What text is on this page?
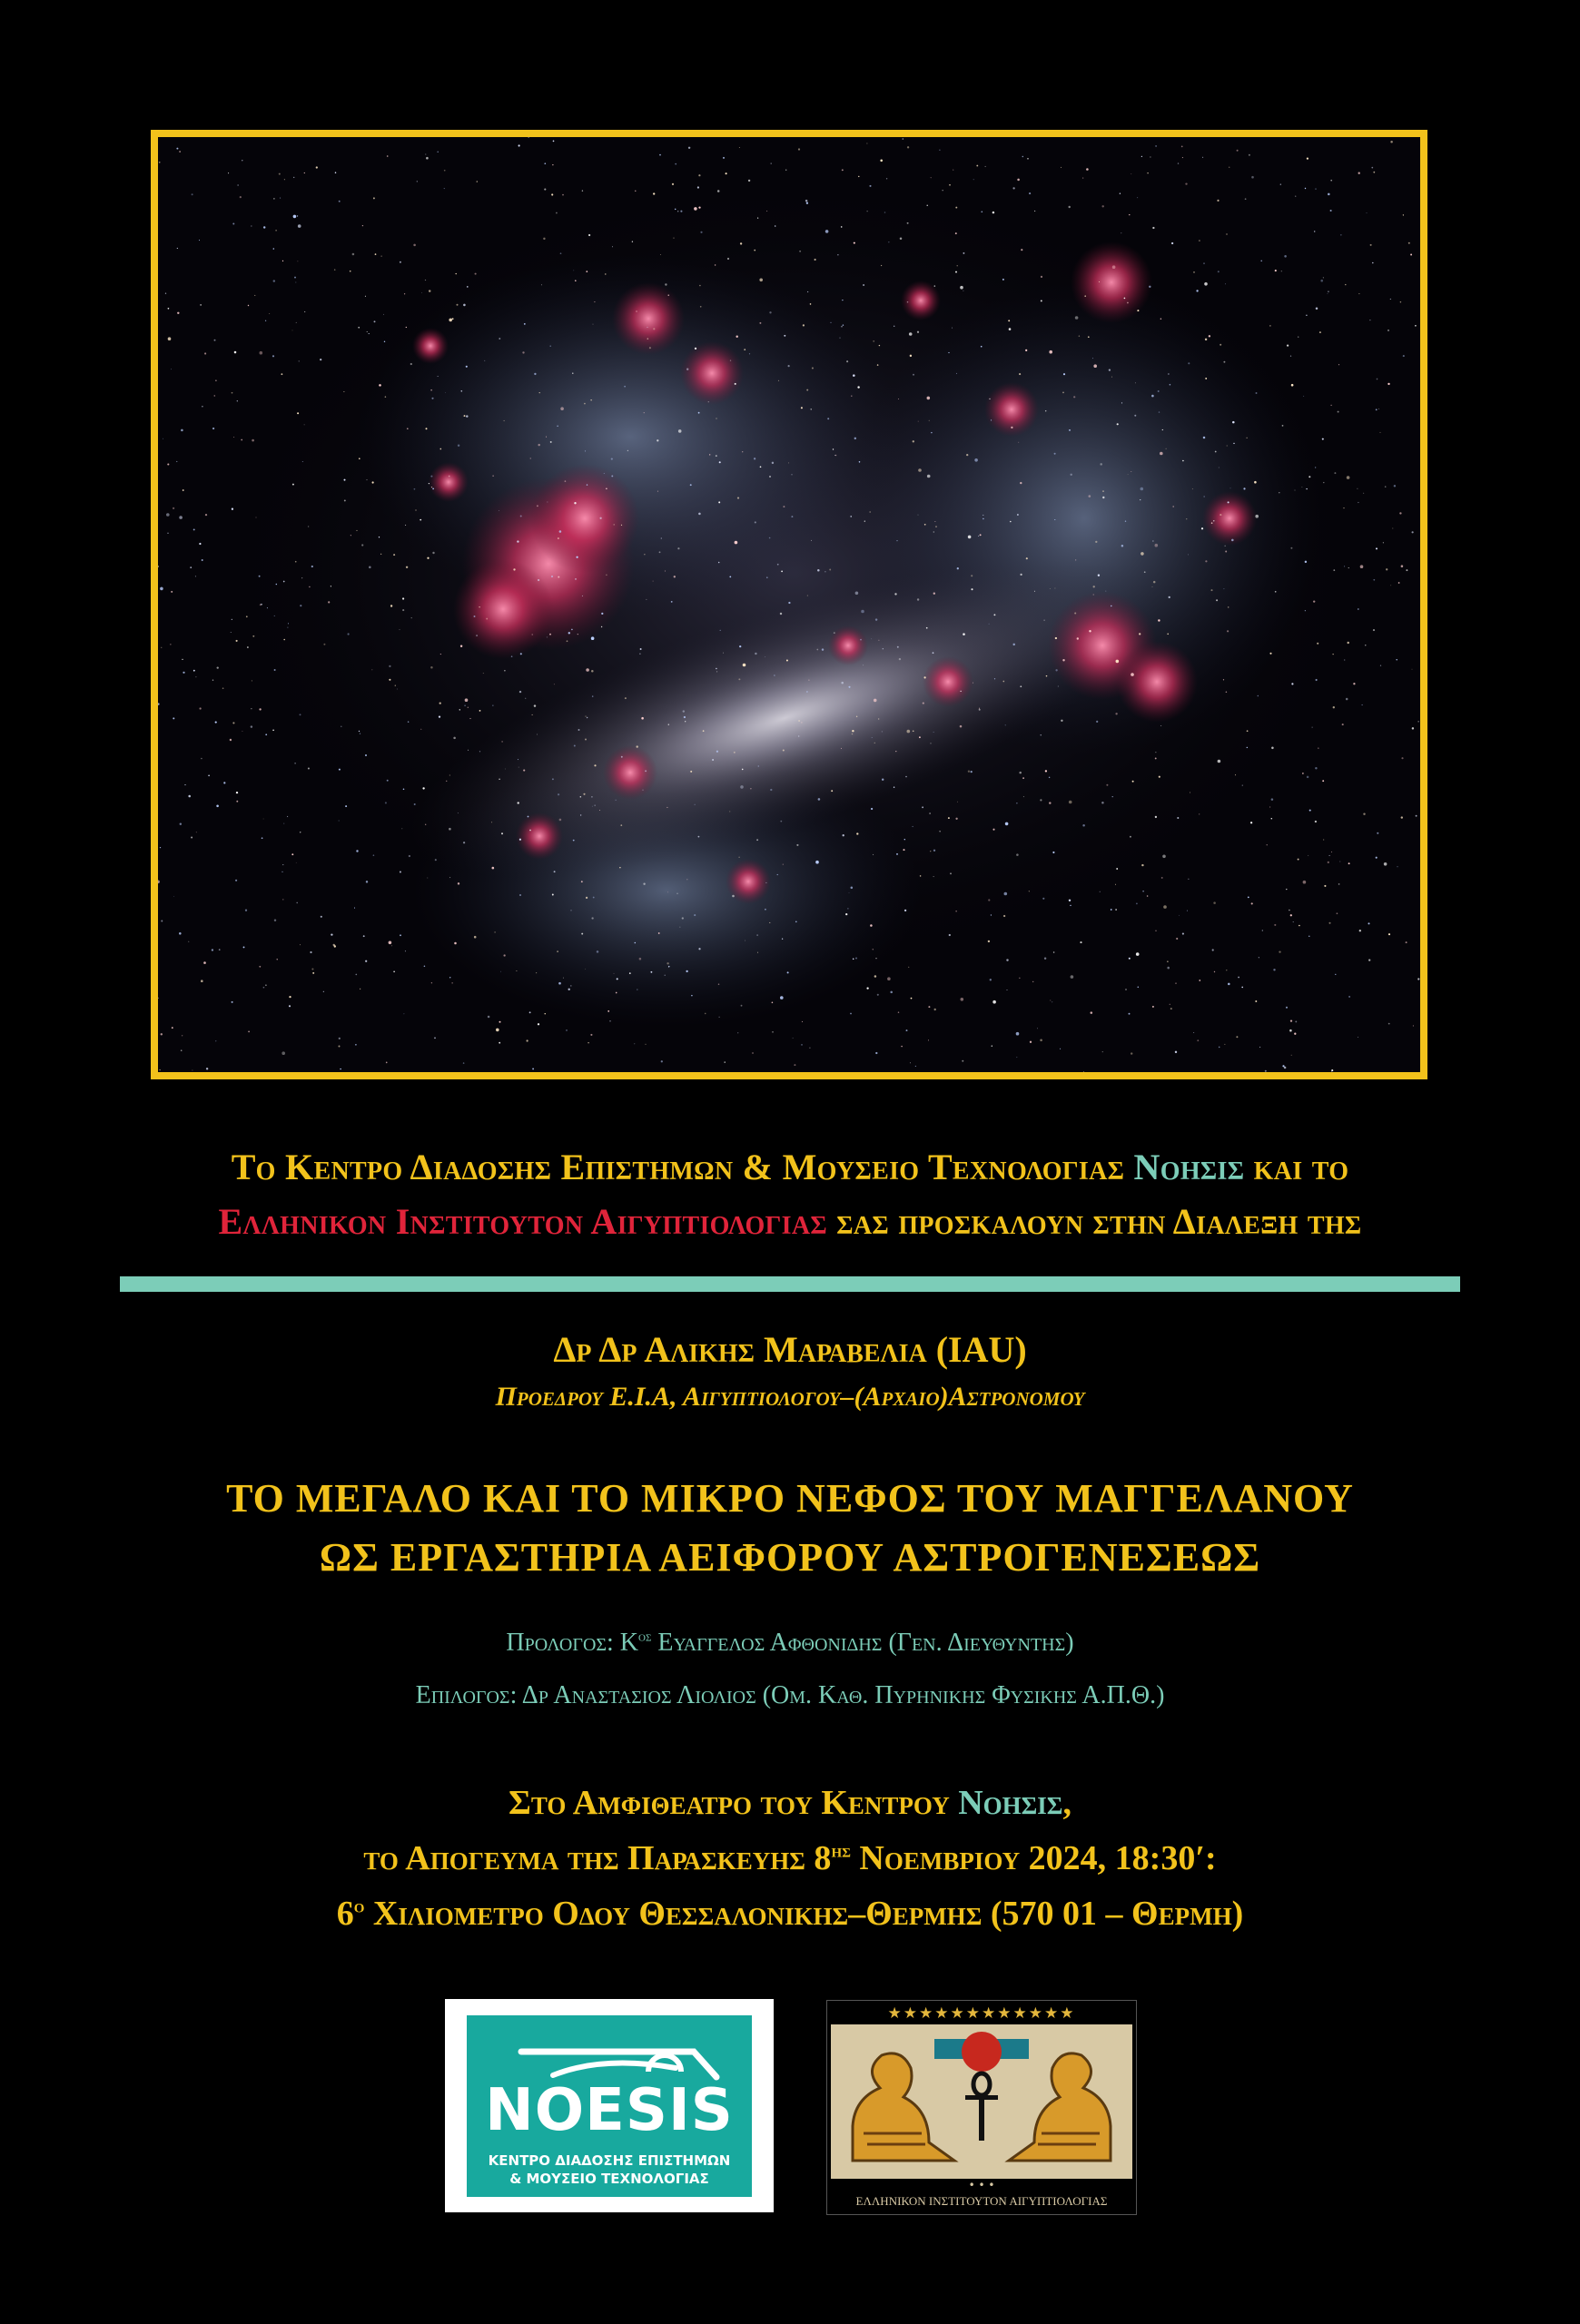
Το Κεντρο Διαδοσης Επιστημων & Μουσειο Τεχνολογιας Νοησις και το
Ελληνικον Ινστιτουτον Αιγυπτιολογιας σας προσκαλουν στην Διαλεξη της
Δρ Δρ Αλικης Μαραβελια (IAU)
Προεδρου Ε.Ι.Α, Αιγυπτιολογου–(Αρχαιο)Αστρονομου
ΤΟ ΜΕΓΑΛΟ ΚΑΙ ΤΟ ΜΙΚΡΟ ΝΕΦΟΣ ΤΟΥ ΜΑΓΓΕΛΑΝΟΥ
ΩΣ ΕΡΓΑΣΤΗΡΙΑ ΑΕΙΦΟΡΟΥ ΑΣΤΡΟΓΕΝΕΣΕΩΣ
Προλογος: $K^{o\varsigma}$ Ευαγγελος Αφθονιδης (Γεν. Διευθυντης)
Επιλογος: Δρ Αναστασιος Λιολιος (Ομ. Καθ. Πυρηνικης Φυσικης Α.Π.Θ.)
Στο Αμφιθεατρο του Κεντρου Νοησις,
το Απογευμα της Παρασκευης $8^{\eta\varsigma}$ Νοεμβριου 2024, 18:30′:
$6^o$ Χιλιομετρο Οδου Θεσσαλονικης–Θερμης (570 01 – Θερμη)
NOESIS
ΚΕΝΤΡΟ ΔΙΑΔΟΣΗΣ ΕΠΙΣΤΗΜΩΝ
& ΜΟΥΣΕΙΟ ΤΕΧΝΟΛΟΓΙΑΣ
★★★★★★★★★★★★
• • •
ΕΛΛΗΝΙΚΟΝ ΙΝΣΤΙΤΟΥΤΟΝ ΑΙΓΥΠΤΙΟΛΟΓΙΑΣ
